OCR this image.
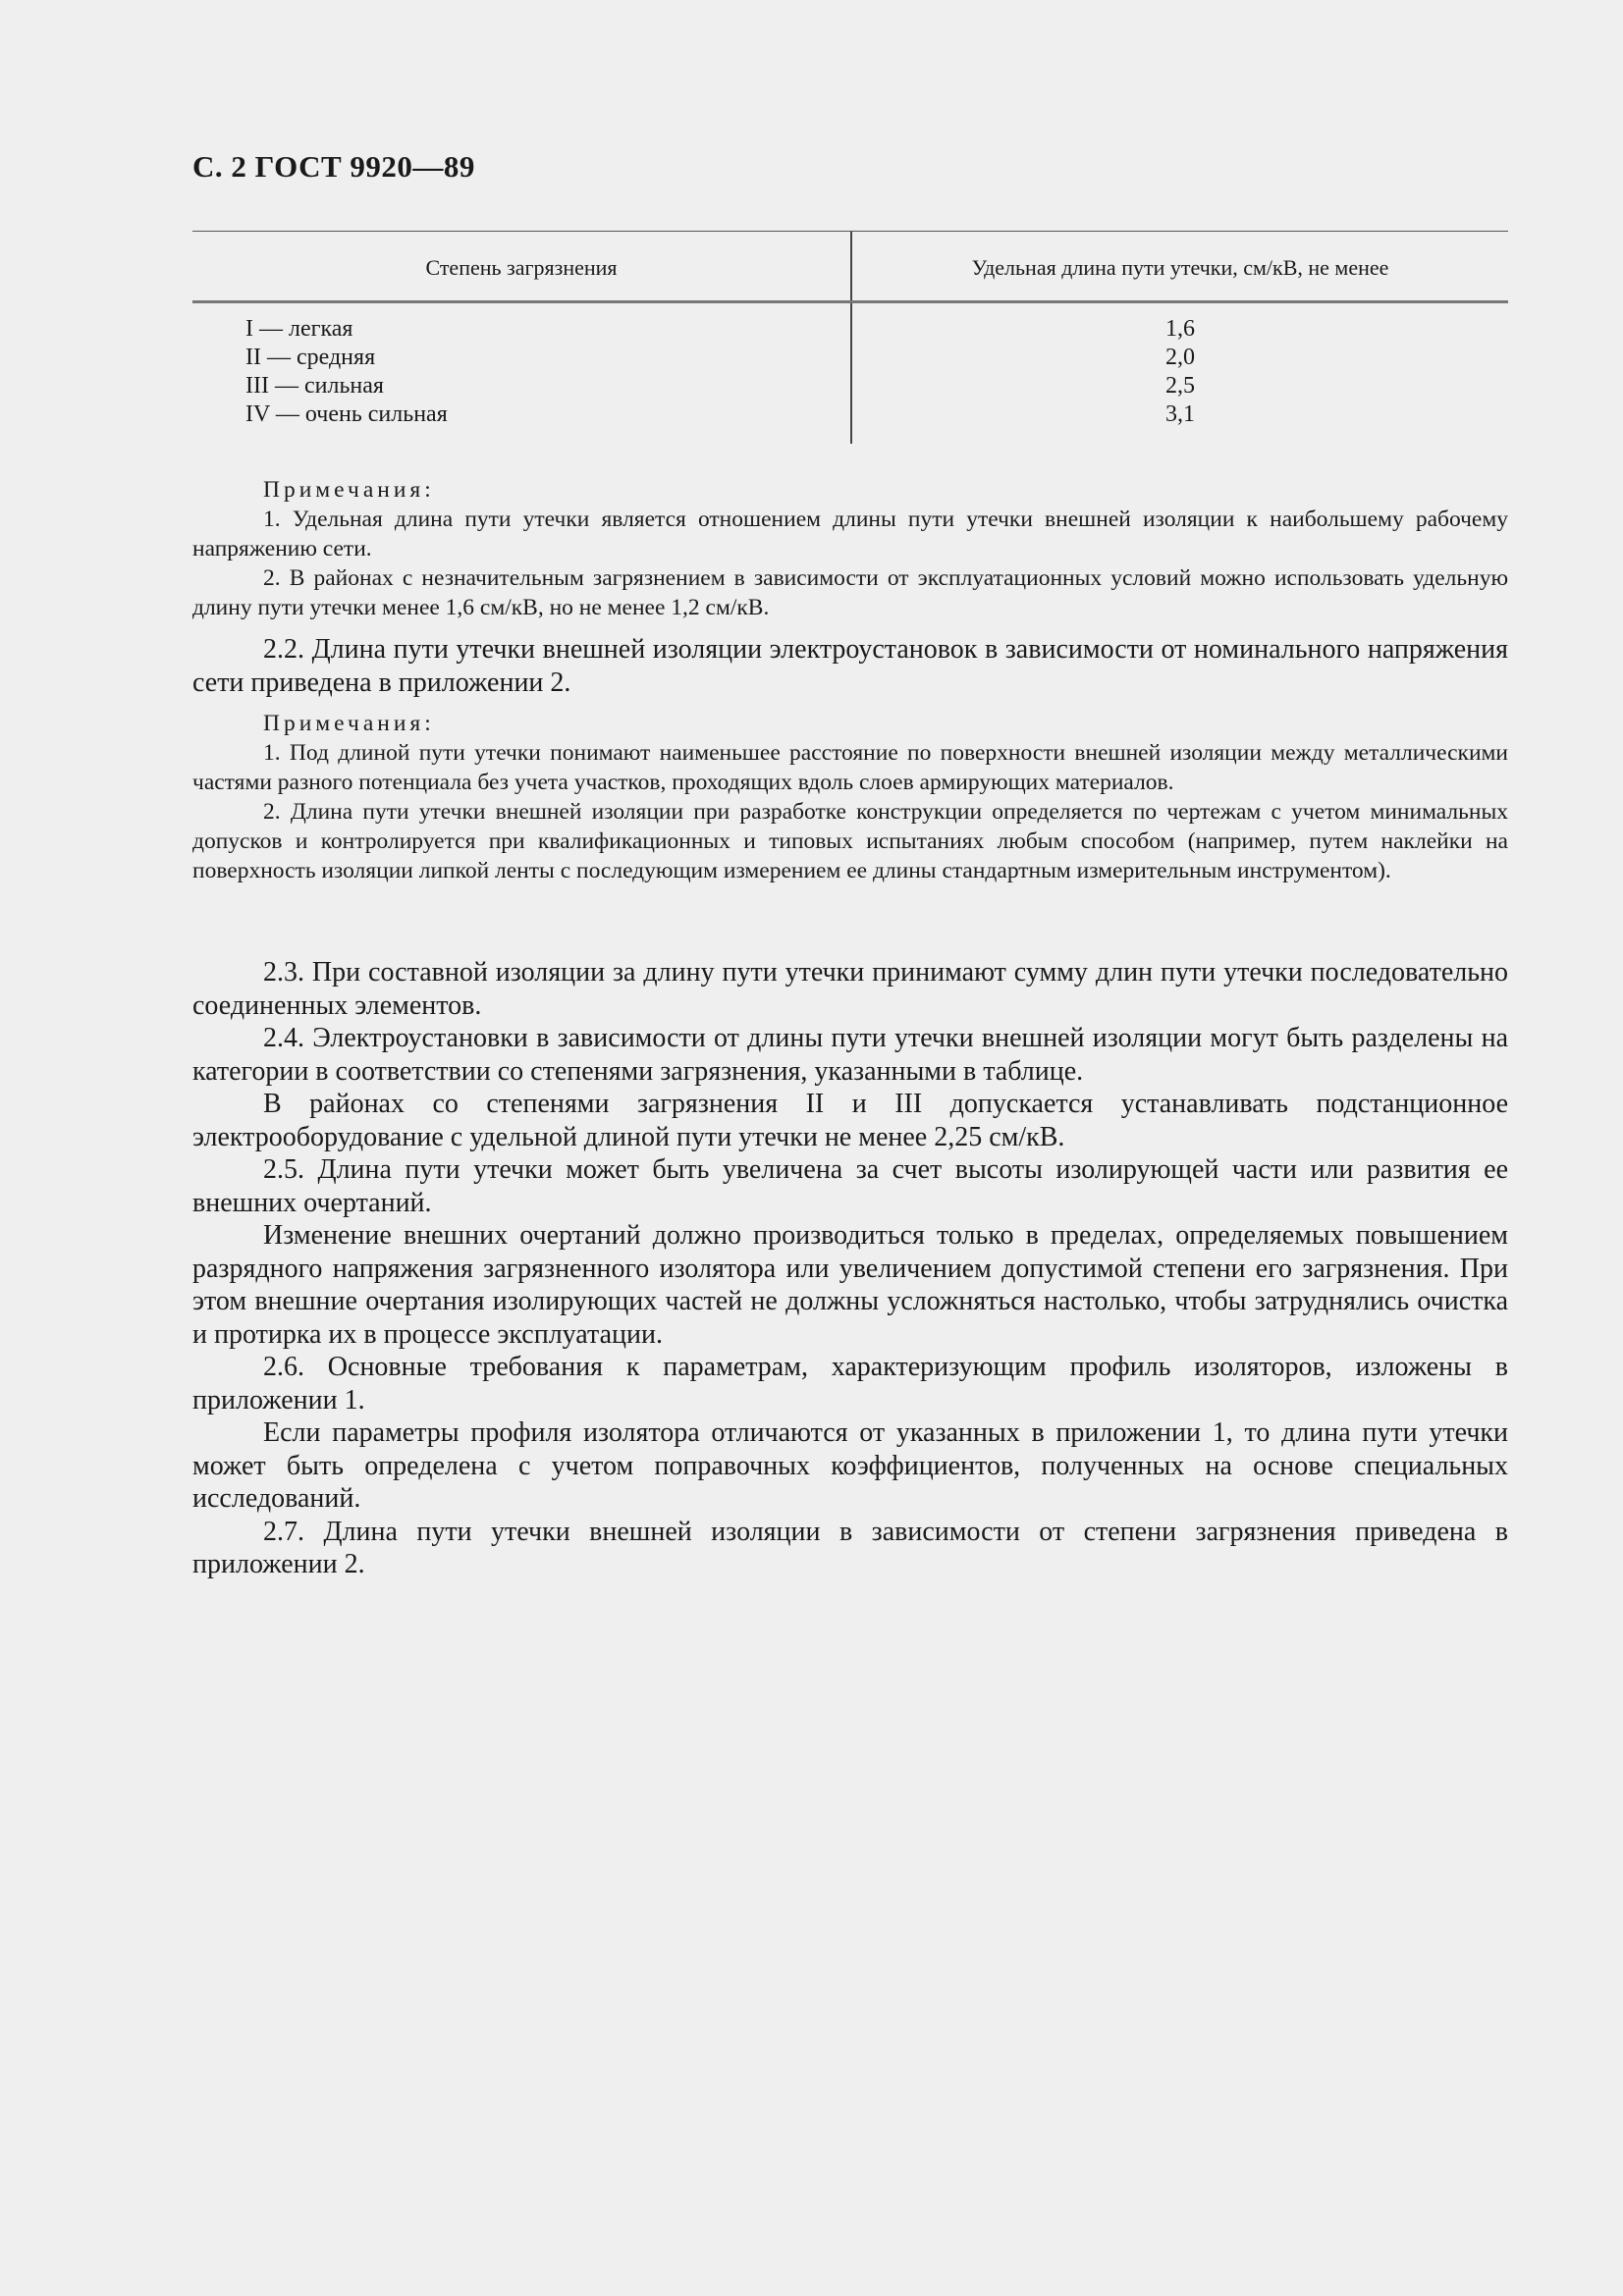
С. 2 ГОСТ 9920—89
Степень загрязнения	Удельная длина пути утечки, см/кВ, не менее
I — легкая	1,6
II — средняя	2,0
III — сильная	2,5
IV — очень сильная	3,1

Примечания:

1. Удельная длина пути утечки является отношением длины пути утечки внешней изоляции к наибольшему рабочему напряжению сети.

2. В районах с незначительным загрязнением в зависимости от эксплуатационных условий можно использовать удельную длину пути утечки менее 1,6 см/кВ, но не менее 1,2 см/кВ.

2.2. Длина пути утечки внешней изоляции электроустановок в зависимости от номинального напряжения сети приведена в приложении 2.

Примечания:

1. Под длиной пути утечки понимают наименьшее расстояние по поверхности внешней изоляции между металлическими частями разного потенциала без учета участков, проходящих вдоль слоев армирующих материалов.

2. Длина пути утечки внешней изоляции при разработке конструкции определяется по чертежам с учетом минимальных допусков и контролируется при квалификационных и типовых испытаниях любым способом (например, путем наклейки на поверхность изоляции липкой ленты с последующим измерением ее длины стандартным измерительным инструментом).

2.3. При составной изоляции за длину пути утечки принимают сумму длин пути утечки последовательно соединенных элементов.

2.4. Электроустановки в зависимости от длины пути утечки внешней изоляции могут быть разделены на категории в соответствии со степенями загрязнения, указанными в таблице.

В районах со степенями загрязнения II и III допускается устанавливать подстанционное электрооборудование с удельной длиной пути утечки не менее 2,25 см/кВ.

2.5. Длина пути утечки может быть увеличена за счет высоты изолирующей части или развития ее внешних очертаний.

Изменение внешних очертаний должно производиться только в пределах, определяемых повышением разрядного напряжения загрязненного изолятора или увеличением допустимой степени его загрязнения. При этом внешние очертания изолирующих частей не должны усложняться настолько, чтобы затруднялись очистка и протирка их в процессе эксплуатации.

2.6. Основные требования к параметрам, характеризующим профиль изоляторов, изложены в приложении 1.

Если параметры профиля изолятора отличаются от указанных в приложении 1, то длина пути утечки может быть определена с учетом поправочных коэффициентов, полученных на основе специальных исследований.

2.7. Длина пути утечки внешней изоляции в зависимости от степени загрязнения приведена в приложении 2.
